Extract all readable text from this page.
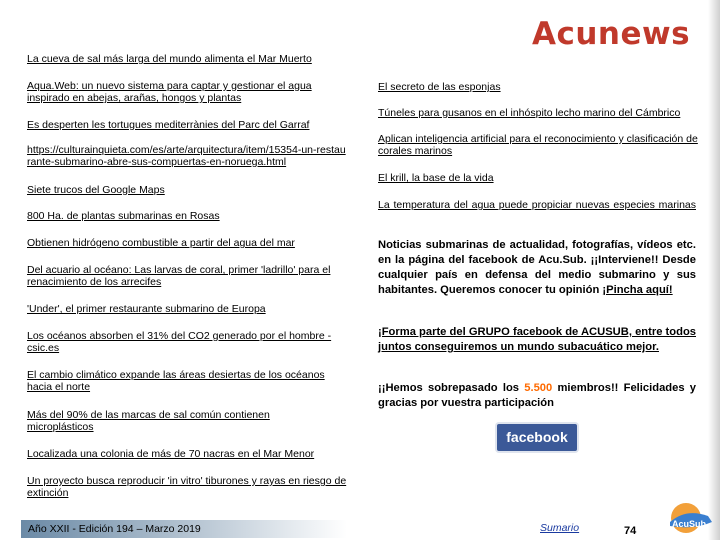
Acunews
La cueva de sal más larga del mundo alimenta el Mar Muerto
Aqua.Web: un nuevo sistema para captar y gestionar el agua inspirado en abejas, arañas, hongos y plantas
Es desperten les tortugues mediterrànies del Parc del Garraf
https://culturainquieta.com/es/arte/arquitectura/item/15354-un-restaurante-submarino-abre-sus-compuertas-en-noruega.html
Siete trucos del Google Maps
800 Ha. de plantas submarinas en Rosas
Obtienen hidrógeno combustible a partir del agua del mar
Del acuario al océano: Las larvas de coral, primer 'ladrillo' para el renacimiento de los arrecifes
'Under', el primer restaurante submarino de Europa
Los océanos absorben el 31% del CO2 generado por el hombre - csic.es
El cambio climático expande las áreas desiertas de los océanos hacia el norte
Más del 90% de las marcas de sal común contienen microplásticos
Localizada una colonia de más de 70 nacras en el Mar Menor
Un proyecto busca reproducir 'in vitro' tiburones y rayas en riesgo de extinción
El secreto de las esponjas
Túneles para gusanos en el inhóspito lecho marino del Cámbrico
Aplican inteligencia artificial para el reconocimiento y clasificación de corales marinos
El krill, la base de la vida
La temperatura del agua puede propiciar nuevas especies marinas
Noticias submarinas de actualidad, fotografías, vídeos etc. en la página del facebook de Acu.Sub. ¡¡Interviene!! Desde cualquier país en defensa del medio submarino y sus habitantes. Queremos conocer tu opinión ¡Pincha aquí!
¡Forma parte del GRUPO facebook de ACUSUB, entre todos juntos conseguiremos un mundo subacuático mejor.
¡¡Hemos sobrepasado los 5.500 miembros!! Felicidades y gracias por vuestra participación
facebook
Año XXII - Edición 194 – Marzo 2019	Sumario	74
AcuSub
